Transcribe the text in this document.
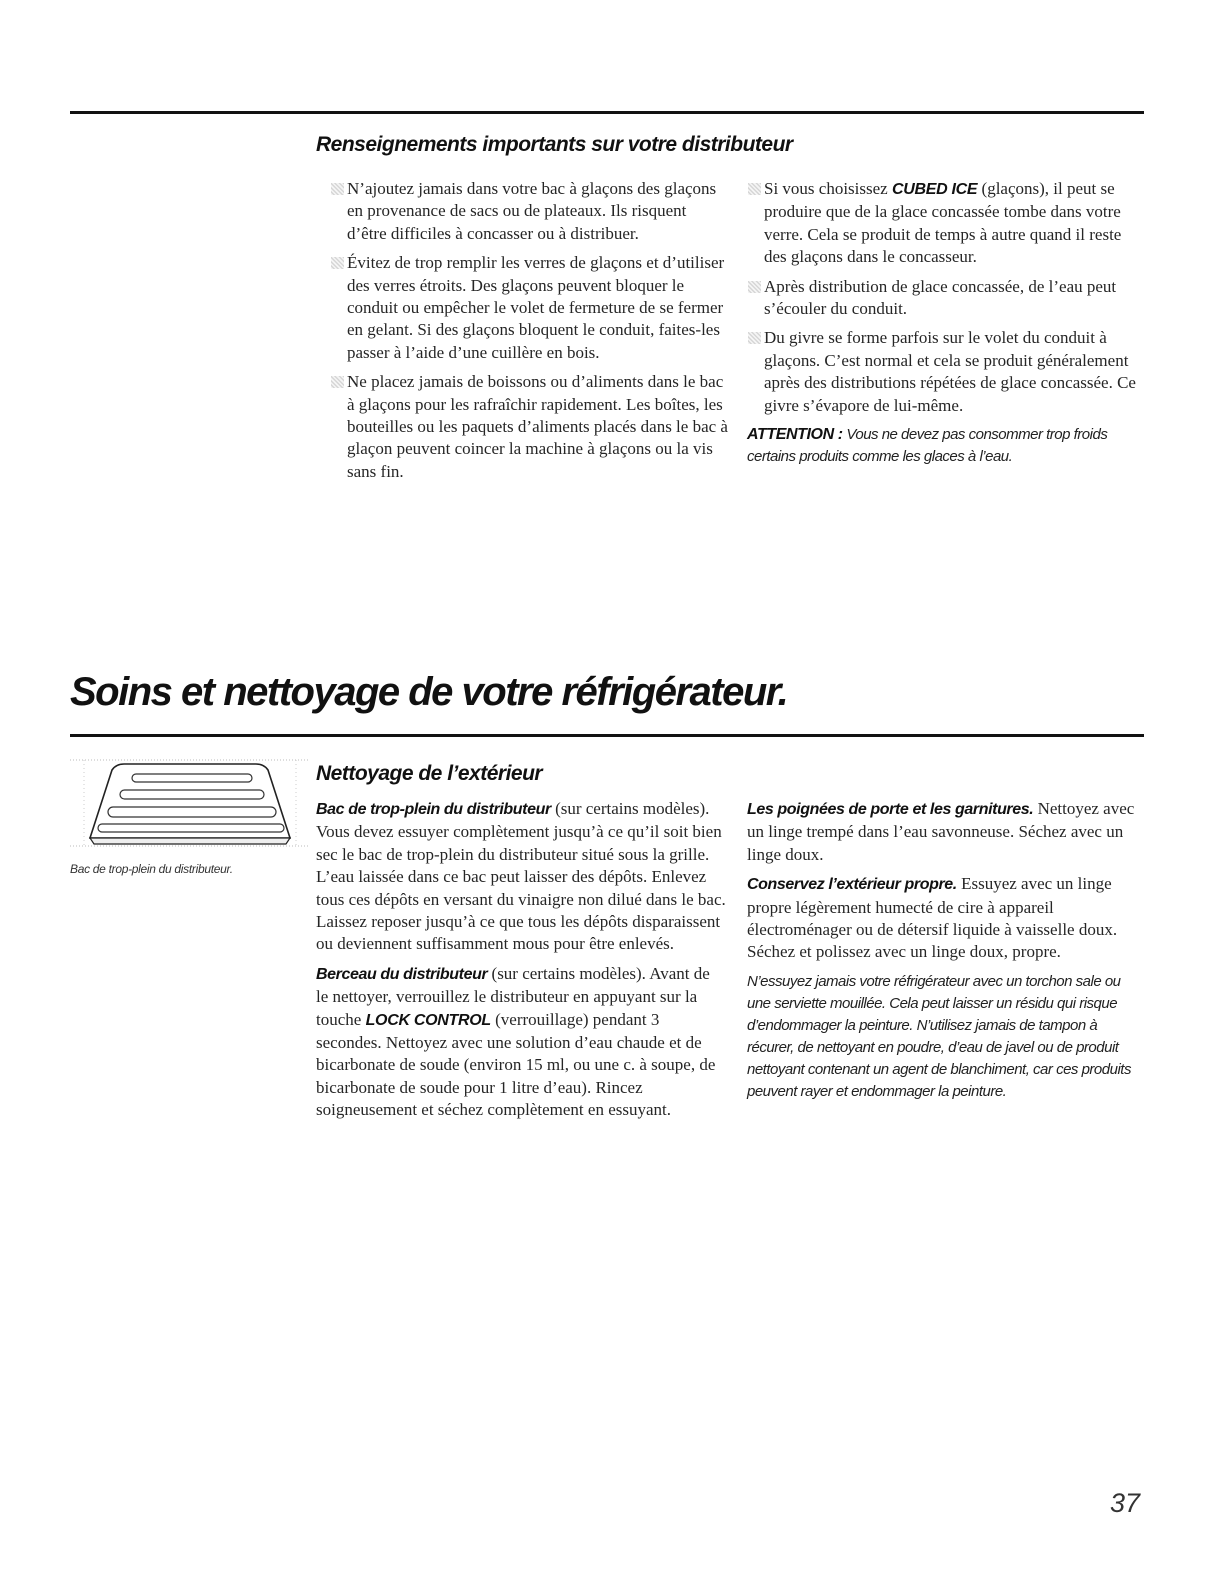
Renseignements importants sur votre distributeur

N’ajoutez jamais dans votre bac à glaçons des glaçons en provenance de sacs ou de plateaux. Ils risquent d’être difficiles à concasser ou à distribuer.

Évitez de trop remplir les verres de glaçons et d’utiliser des verres étroits. Des glaçons peuvent bloquer le conduit ou empêcher le volet de fermeture de se fermer en gelant. Si des glaçons bloquent le conduit, faites-les passer à l’aide d’une cuillère en bois.

Ne placez jamais de boissons ou d’aliments dans le bac à glaçons pour les rafraîchir rapidement. Les boîtes, les bouteilles ou les paquets d’aliments placés dans le bac à glaçon peuvent coincer la machine à glaçons ou la vis sans fin.

Si vous choisissez CUBED ICE (glaçons), il peut se produire que de la glace concassée tombe dans votre verre. Cela se produit de temps à autre quand il reste des glaçons dans le concasseur.

Après distribution de glace concassée, de l’eau peut s’écouler du conduit.

Du givre se forme parfois sur le volet du conduit à glaçons. C’est normal et cela se produit généralement après des distributions répétées de glace concassée. Ce givre s’évapore de lui-même.

ATTENTION : Vous ne devez pas consommer trop froids certains produits comme les glaces à l’eau.

Soins et nettoyage de votre réfrigérateur.
Bac de trop-plein du distributeur.
Nettoyage de l’extérieur

Bac de trop-plein du distributeur (sur certains modèles). Vous devez essuyer complètement jusqu’à ce qu’il soit bien sec le bac de trop-plein du distributeur situé sous la grille. L’eau laissée dans ce bac peut laisser des dépôts. Enlevez tous ces dépôts en versant du vinaigre non dilué dans le bac. Laissez reposer jusqu’à ce que tous les dépôts disparaissent ou deviennent suffisamment mous pour être enlevés.

Berceau du distributeur (sur certains modèles). Avant de le nettoyer, verrouillez le distributeur en appuyant sur la touche LOCK CONTROL (verrouillage) pendant 3 secondes. Nettoyez avec une solution d’eau chaude et de bicarbonate de soude (environ 15 ml, ou une c. à soupe, de bicarbonate de soude pour 1 litre d’eau). Rincez soigneusement et séchez complètement en essuyant.

Les poignées de porte et les garnitures. Nettoyez avec un linge trempé dans l’eau savonneuse. Séchez avec un linge doux.

Conservez l’extérieur propre. Essuyez avec un linge propre légèrement humecté de cire à appareil électroménager ou de détersif liquide à vaisselle doux. Séchez et polissez avec un linge doux, propre.

N’essuyez jamais votre réfrigérateur avec un torchon sale ou une serviette mouillée. Cela peut laisser un résidu qui risque d’endommager la peinture. N’utilisez jamais de tampon à récurer, de nettoyant en poudre, d’eau de javel ou de produit nettoyant contenant un agent de blanchiment, car ces produits peuvent rayer et endommager la peinture.

37
